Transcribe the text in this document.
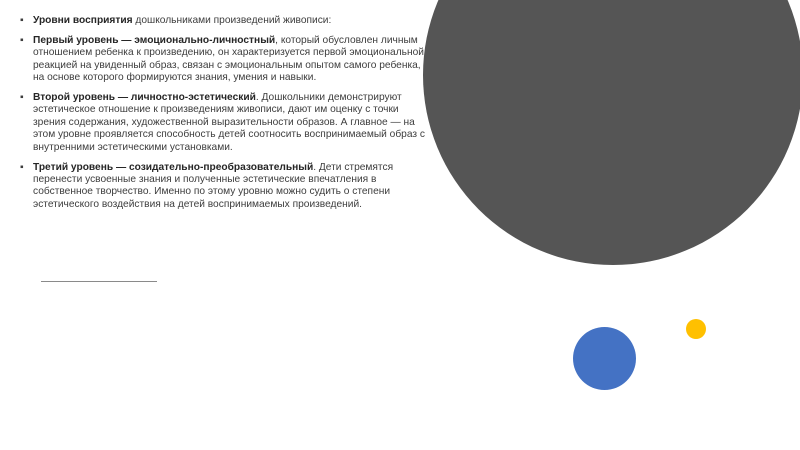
▪ Уровни восприятия дошкольниками произведений живописи:
▪ Первый уровень — эмоционально-личностный, который обусловлен личным отношением ребенка к произведению, он характеризуется первой эмоциональной реакцией на увиденный образ, связан с эмоциональным опытом самого ребенка, на основе которого формируются знания, умения и навыки.
▪ Второй уровень — личностно-эстетический. Дошкольники демонстрируют эстетическое отношение к произведениям живописи, дают им оценку с точки зрения содержания, художественной выразительности образов. А главное — на этом уровне проявляется способность детей соотносить воспринимаемый образ с внутренними эстетическими установками.
▪ Третий уровень — созидательно-преобразовательный. Дети стремятся перенести усвоенные знания и полученные эстетические впечатления в собственное творчество. Именно по этому уровню можно судить о степени эстетического воздействия на детей воспринимаемых произведений.
